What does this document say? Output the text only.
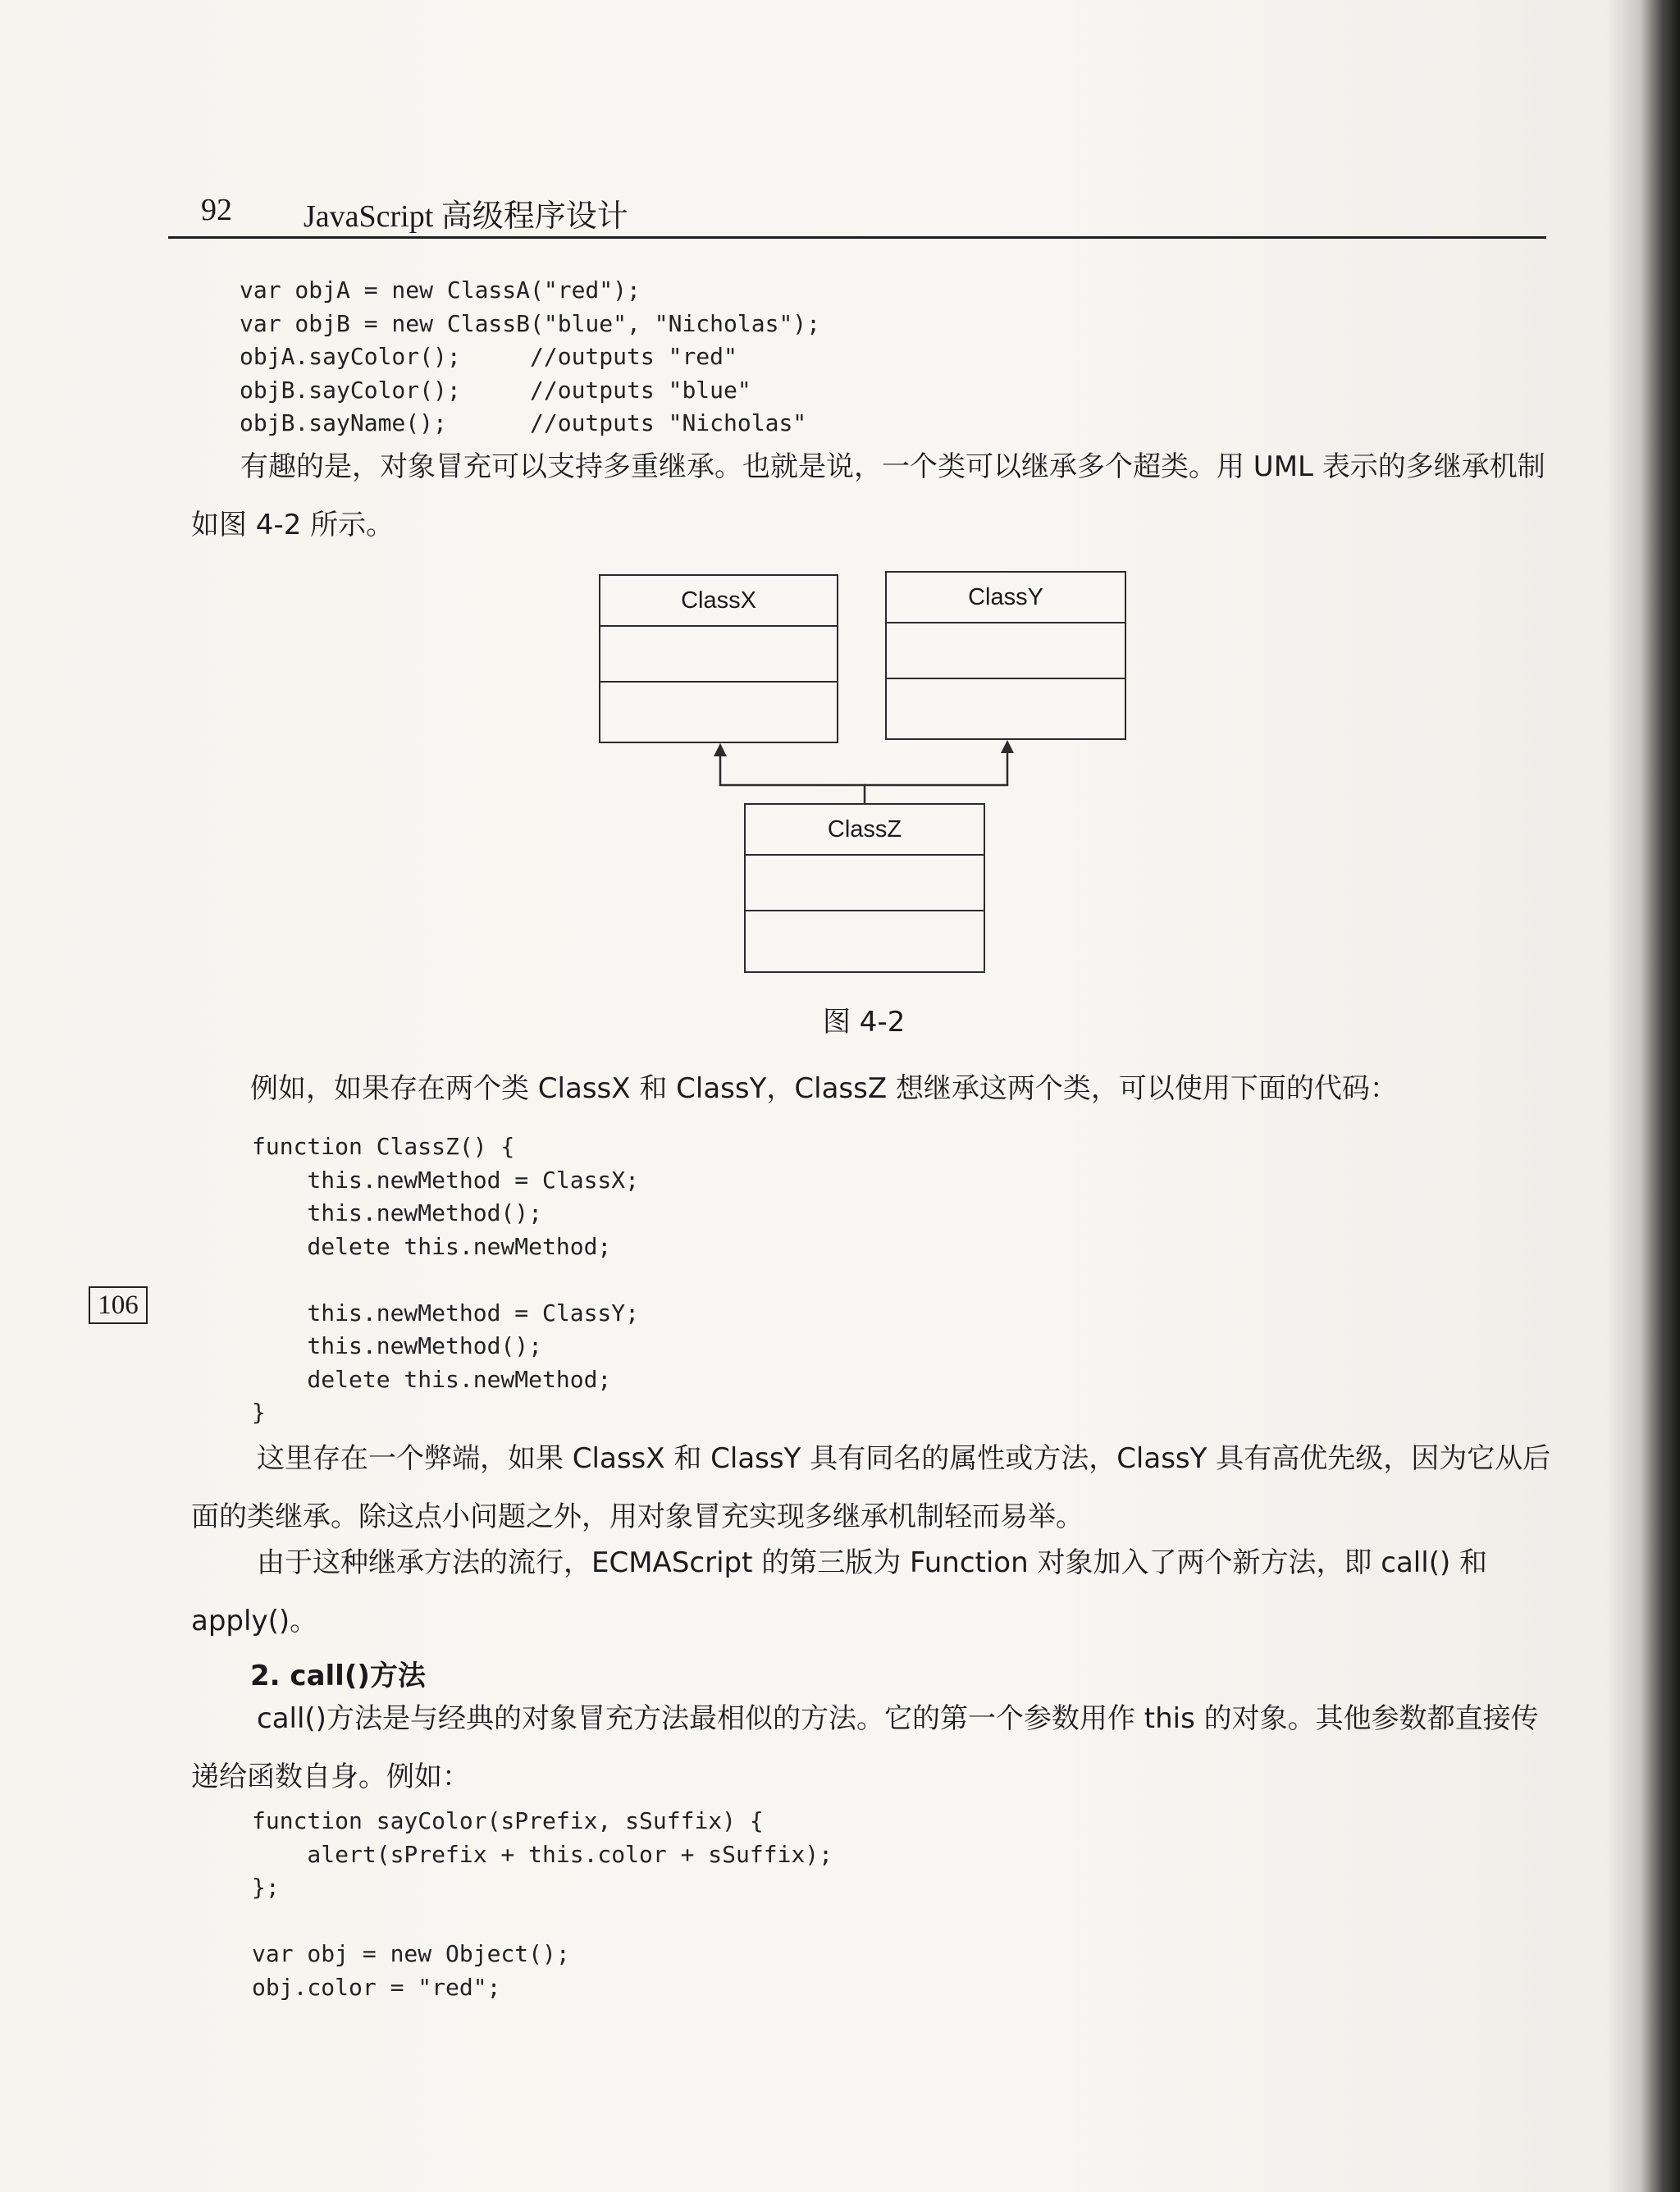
92 JavaScript 高级程序设计
var objA = new ClassA("red");
var objB = new ClassB("blue", "Nicholas");
objA.sayColor();     //outputs "red"
objB.sayColor();     //outputs "blue"
objB.sayName();      //outputs "Nicholas"

有趣的是，对象冒充可以支持多重继承。也就是说，一个类可以继承多个超类。用 UML 表示的多继承机制如图 4-2 所示。

ClassX	ClassY
ClassZ
图 4-2

例如，如果存在两个类 ClassX 和 ClassY，ClassZ 想继承这两个类，可以使用下面的代码：

function ClassZ() {
this.newMethod = ClassX;
this.newMethod();
delete this.newMethod;
this.newMethod = ClassY;
this.newMethod();
delete this.newMethod;
}
106

这里存在一个弊端，如果 ClassX 和 ClassY 具有同名的属性或方法，ClassY 具有高优先级，因为它从后面的类继承。除这点小问题之外，用对象冒充实现多继承机制轻而易举。

由于这种继承方法的流行，ECMAScript 的第三版为 Function 对象加入了两个新方法，即 call() 和 apply()。

2. call()方法

call()方法是与经典的对象冒充方法最相似的方法。它的第一个参数用作 this 的对象。其他参数都直接传递给函数自身。例如：

function sayColor(sPrefix, sSuffix) {
alert(sPrefix + this.color + sSuffix);
};
var obj = new Object();
obj.color = "red";
